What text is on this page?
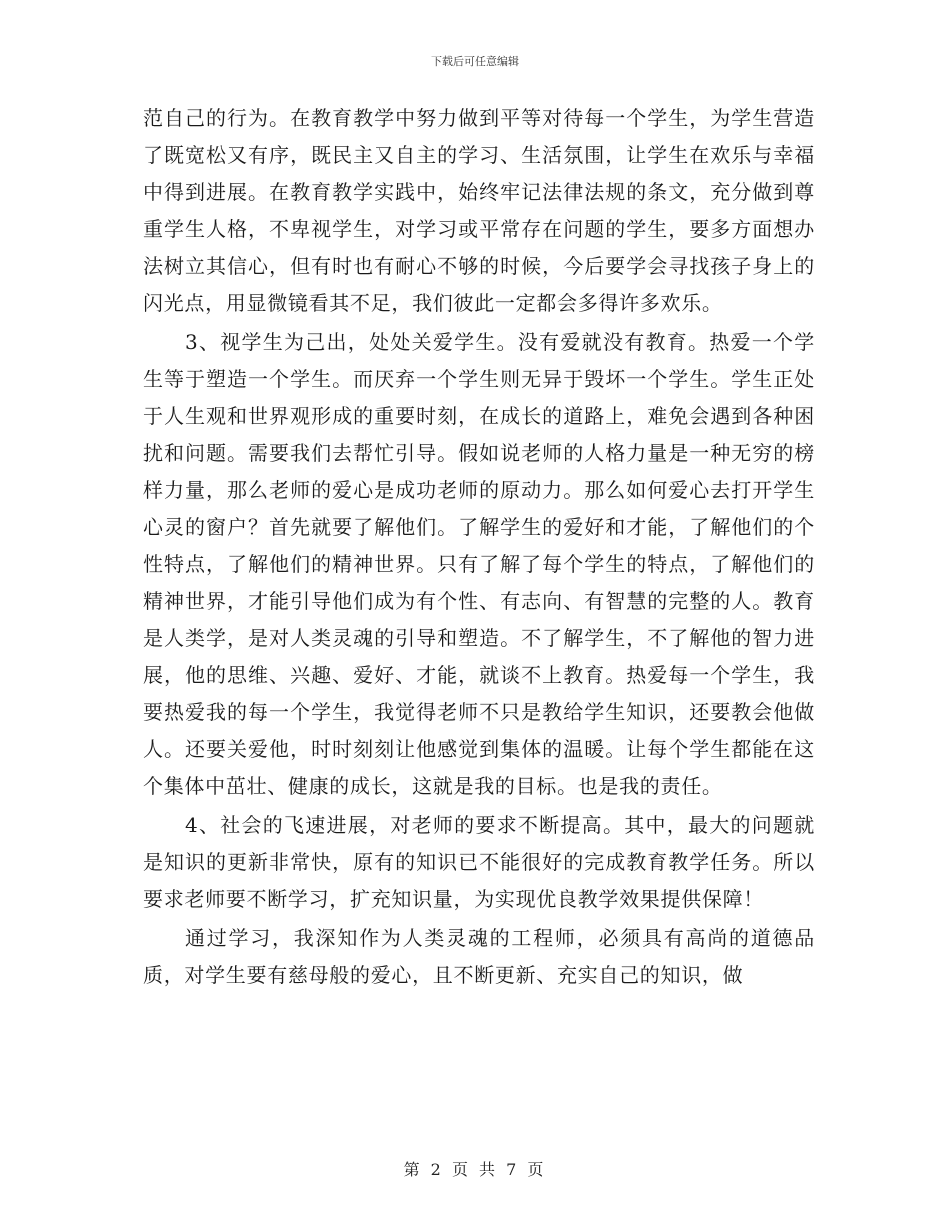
下载后可任意编辑

范自己的行为。在教育教学中努力做到平等对待每一个学生，为学生营造了既宽松又有序，既民主又自主的学习、生活氛围，让学生在欢乐与幸福中得到进展。在教育教学实践中，始终牢记法律法规的条文，充分做到尊重学生人格，不卑视学生，对学习或平常存在问题的学生，要多方面想办法树立其信心，但有时也有耐心不够的时候，今后要学会寻找孩子身上的闪光点，用显微镜看其不足，我们彼此一定都会多得许多欢乐。

3、视学生为己出，处处关爱学生。没有爱就没有教育。热爱一个学生等于塑造一个学生。而厌弃一个学生则无异于毁坏一个学生。学生正处于人生观和世界观形成的重要时刻，在成长的道路上，难免会遇到各种困扰和问题。需要我们去帮忙引导。假如说老师的人格力量是一种无穷的榜样力量，那么老师的爱心是成功老师的原动力。那么如何爱心去打开学生心灵的窗户？首先就要了解他们。了解学生的爱好和才能，了解他们的个性特点，了解他们的精神世界。只有了解了每个学生的特点，了解他们的精神世界，才能引导他们成为有个性、有志向、有智慧的完整的人。教育是人类学，是对人类灵魂的引导和塑造。不了解学生，不了解他的智力进展，他的思维、兴趣、爱好、才能，就谈不上教育。热爱每一个学生，我要热爱我的每一个学生，我觉得老师不只是教给学生知识，还要教会他做人。还要关爱他，时时刻刻让他感觉到集体的温暖。让每个学生都能在这个集体中茁壮、健康的成长，这就是我的目标。也是我的责任。

4、社会的飞速进展，对老师的要求不断提高。其中，最大的问题就是知识的更新非常快，原有的知识已不能很好的完成教育教学任务。所以要求老师要不断学习，扩充知识量，为实现优良教学效果提供保障！

通过学习，我深知作为人类灵魂的工程师，必须具有高尚的道德品质，对学生要有慈母般的爱心，且不断更新、充实自己的知识，做

第 2 页 共 7 页
